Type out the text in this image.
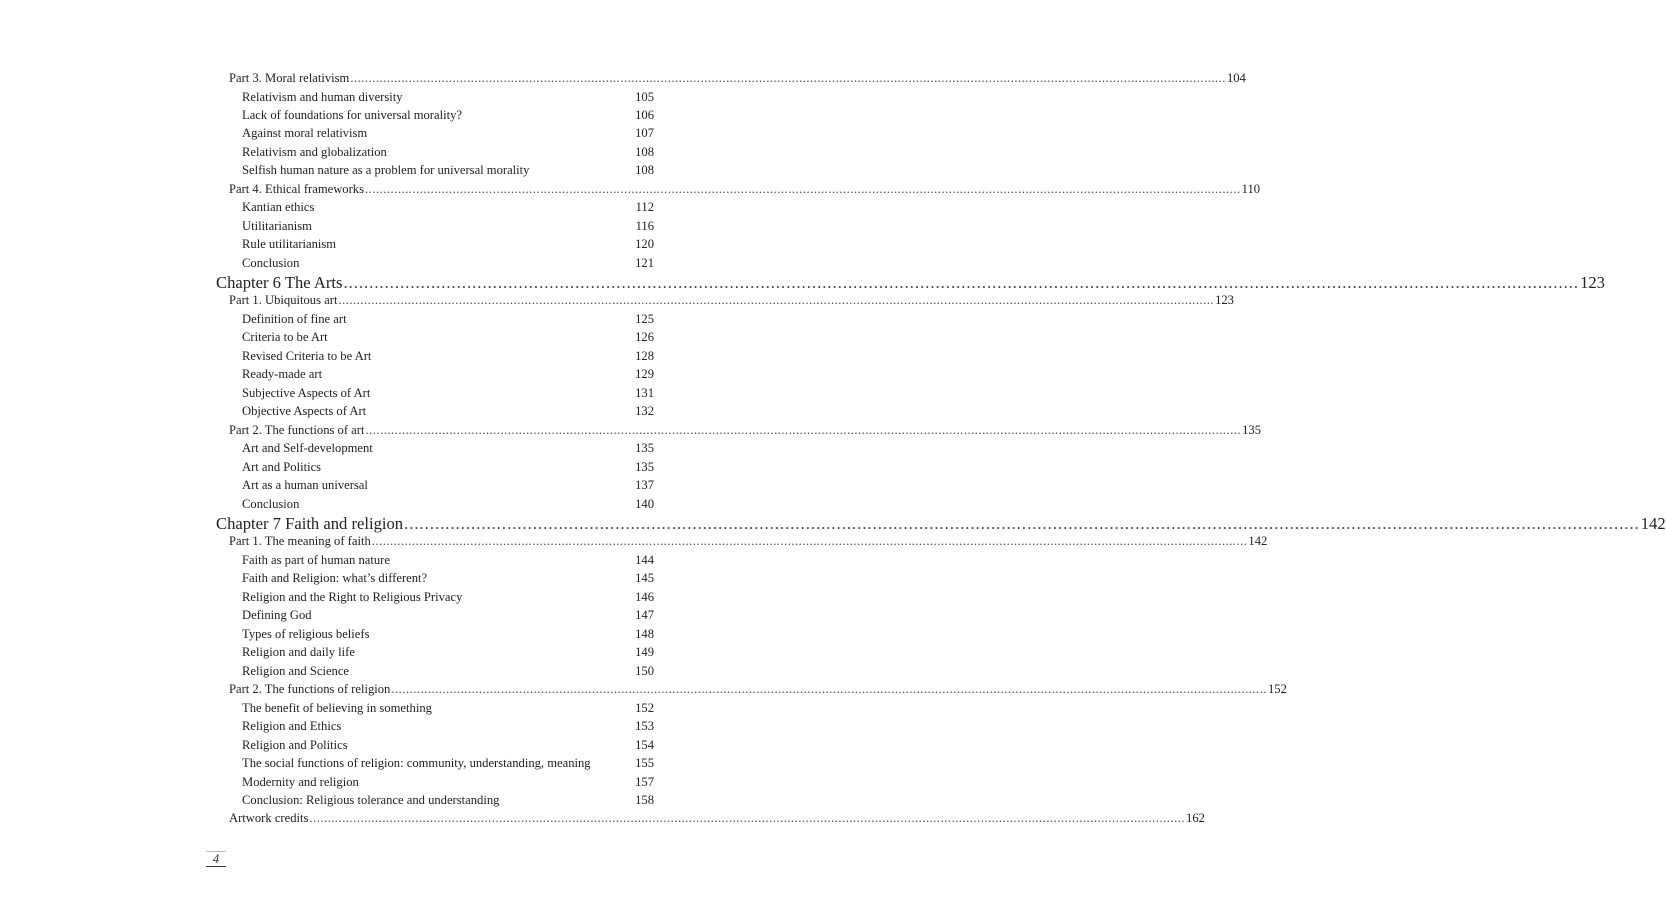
Part 3. Moral relativism ................................................................................................................................................................................................................................................ 104
Relativism and human diversity	105
Lack of foundations for universal morality?	106
Against moral relativism	107
Relativism and globalization	108
Selfish human nature as a problem for universal morality	108
Part 4. Ethical frameworks ................................................................................................................................................................................................................................................ 110
Kantian ethics	112
Utilitarianism	116
Rule utilitarianism	120
Conclusion	121
Chapter 6 The Arts ................................................................................................................................................................................................................................................ 123
Part 1. Ubiquitous art ................................................................................................................................................................................................................................................ 123
Definition of fine art	125
Criteria to be Art	126
Revised Criteria to be Art	128
Ready-made art	129
Subjective Aspects of Art	131
Objective Aspects of Art	132
Part 2. The functions of art ................................................................................................................................................................................................................................................ 135
Art and Self-development	135
Art and Politics	135
Art as a human universal	137
Conclusion	140
Chapter 7 Faith and religion ................................................................................................................................................................................................................................................ 142
Part 1. The meaning of faith ................................................................................................................................................................................................................................................ 142
Faith as part of human nature	144
Faith and Religion: what’s different?	145
Religion and the Right to Religious Privacy	146
Defining God	147
Types of religious beliefs	148
Religion and daily life	149
Religion and Science	150
Part 2. The functions of religion ................................................................................................................................................................................................................................................ 152
The benefit of believing in something	152
Religion and Ethics	153
Religion and Politics	154
The social functions of religion: community, understanding, meaning	155
Modernity and religion	157
Conclusion: Religious tolerance and understanding	158
Artwork credits ................................................................................................................................................................................................................................................ 162
4
